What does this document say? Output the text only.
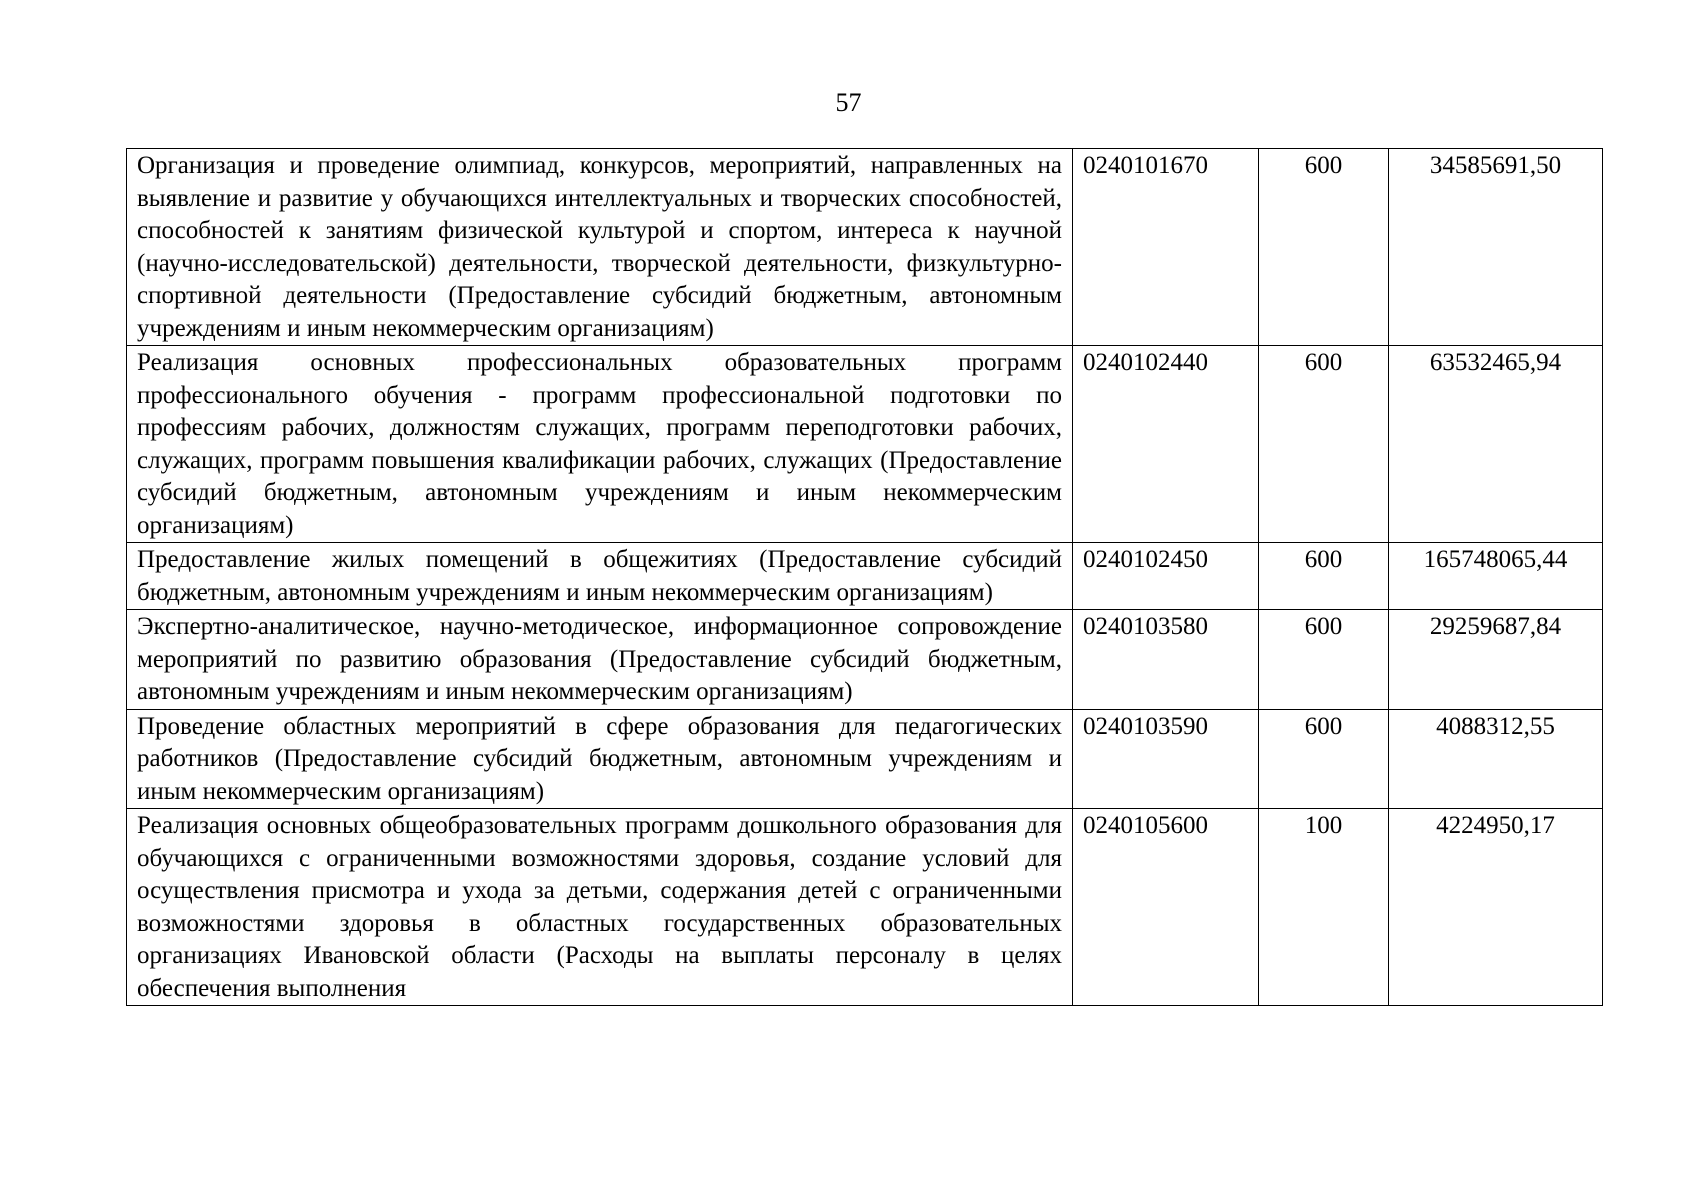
57
Организация и проведение олимпиад, конкурсов, мероприятий, направленных на выявление и развитие у обучающихся интеллектуальных и творческих способностей, способностей к занятиям физической культурой и спортом, интереса к научной (научно-исследовательской) деятельности, творческой деятельности, физкультурно-спортивной деятельности (Предоставление субсидий бюджетным, автономным учреждениям и иным некоммерческим организациям)	0240101670	600	34585691,50
Реализация основных профессиональных образовательных программ профессионального обучения - программ профессиональной подготовки по профессиям рабочих, должностям служащих, программ переподготовки рабочих, служащих, программ повышения квалификации рабочих, служащих (Предоставление субсидий бюджетным, автономным учреждениям и иным некоммерческим организациям)	0240102440	600	63532465,94
Предоставление жилых помещений в общежитиях (Предоставление субсидий бюджетным, автономным учреждениям и иным некоммерческим организациям)	0240102450	600	165748065,44
Экспертно-аналитическое, научно-методическое, информационное сопровождение мероприятий по развитию образования (Предоставление субсидий бюджетным, автономным учреждениям и иным некоммерческим организациям)	0240103580	600	29259687,84
Проведение областных мероприятий в сфере образования для педагогических работников (Предоставление субсидий бюджетным, автономным учреждениям и иным некоммерческим организациям)	0240103590	600	4088312,55
Реализация основных общеобразовательных программ дошкольного образования для обучающихся с ограниченными возможностями здоровья, создание условий для осуществления присмотра и ухода за детьми, содержания детей с ограниченными возможностями здоровья в областных государственных образовательных организациях Ивановской области (Расходы на выплаты персоналу в целях обеспечения выполнения	0240105600	100	4224950,17
